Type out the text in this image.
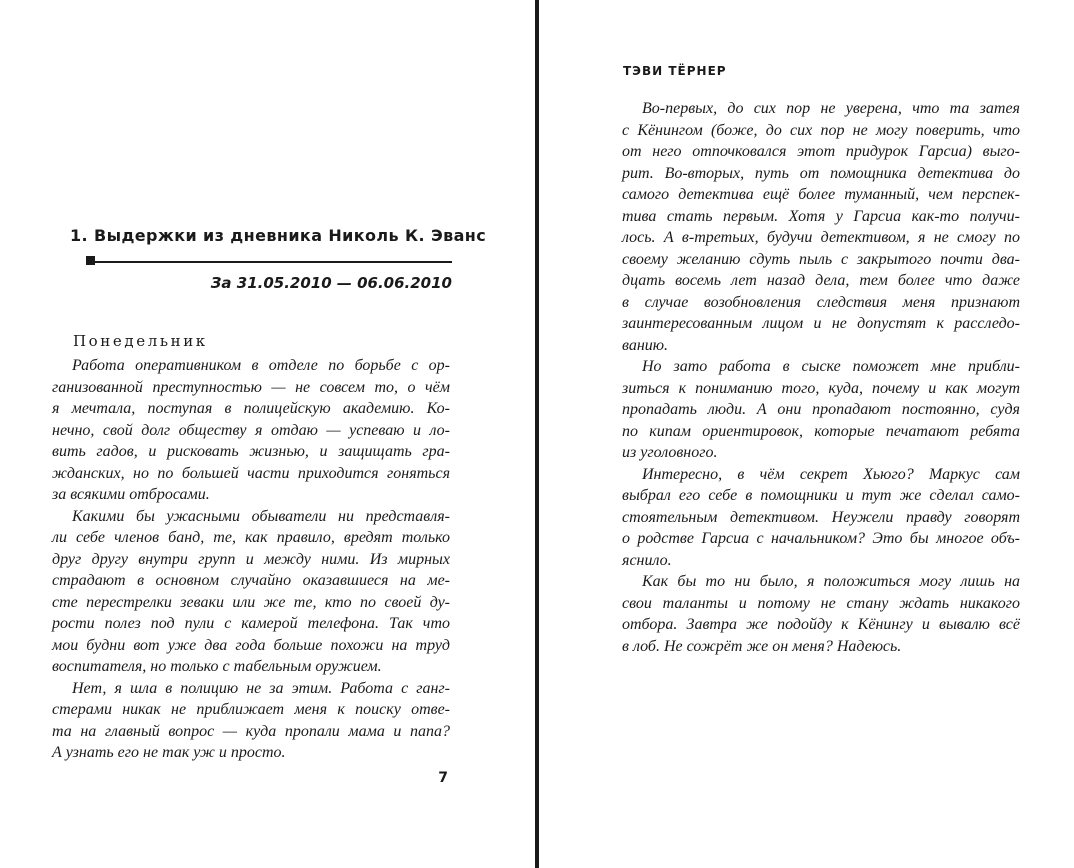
1. Выдержки из дневника Николь К. Эванс
За 31.05.2010 — 06.06.2010
Понедельник
Работа оперативником в отделе по борьбе с ор-
ганизованной преступностью — не совсем то, о чём
я мечтала, поступая в полицейскую академию. Ко-
нечно, свой долг обществу я отдаю — успеваю и ло-
вить гадов, и рисковать жизнью, и защищать гра-
жданских, но по большей части приходится гоняться
за всякими отбросами.
Какими бы ужасными обыватели ни представля-
ли себе членов банд, те, как правило, вредят только
друг другу внутри групп и между ними. Из мирных
страдают в основном случайно оказавшиеся на ме-
сте перестрелки зеваки или же те, кто по своей ду-
рости полез под пули с камерой телефона. Так что
мои будни вот уже два года больше похожи на труд
воспитателя, но только с табельным оружием.
Нет, я шла в полицию не за этим. Работа с ганг-
стерами никак не приближает меня к поиску отве-
та на главный вопрос — куда пропали мама и папа?
А узнать его не так уж и просто.
7
ТЭВИ ТЁРНЕР
Во-первых, до сих пор не уверена, что та затея
с Кёнингом (боже, до сих пор не могу поверить, что
от него отпочковался этот придурок Гарсиа) выго-
рит. Во-вторых, путь от помощника детектива до
самого детектива ещё более туманный, чем перспек-
тива стать первым. Хотя у Гарсиа как-то получи-
лось. А в-третьих, будучи детективом, я не смогу по
своему желанию сдуть пыль с закрытого почти два-
дцать восемь лет назад дела, тем более что даже
в случае возобновления следствия меня признают
заинтересованным лицом и не допустят к расследо-
ванию.
Но зато работа в сыске поможет мне прибли-
зиться к пониманию того, куда, почему и как могут
пропадать люди. А они пропадают постоянно, судя
по кипам ориентировок, которые печатают ребята
из уголовного.
Интересно, в чём секрет Хьюго? Маркус сам
выбрал его себе в помощники и тут же сделал само-
стоятельным детективом. Неужели правду говорят
о родстве Гарсиа с начальником? Это бы многое объ-
яснило.
Как бы то ни было, я положиться могу лишь на
свои таланты и потому не стану ждать никакого
отбора. Завтра же подойду к Кёнингу и вывалю всё
в лоб. Не сожрёт же он меня? Надеюсь.
